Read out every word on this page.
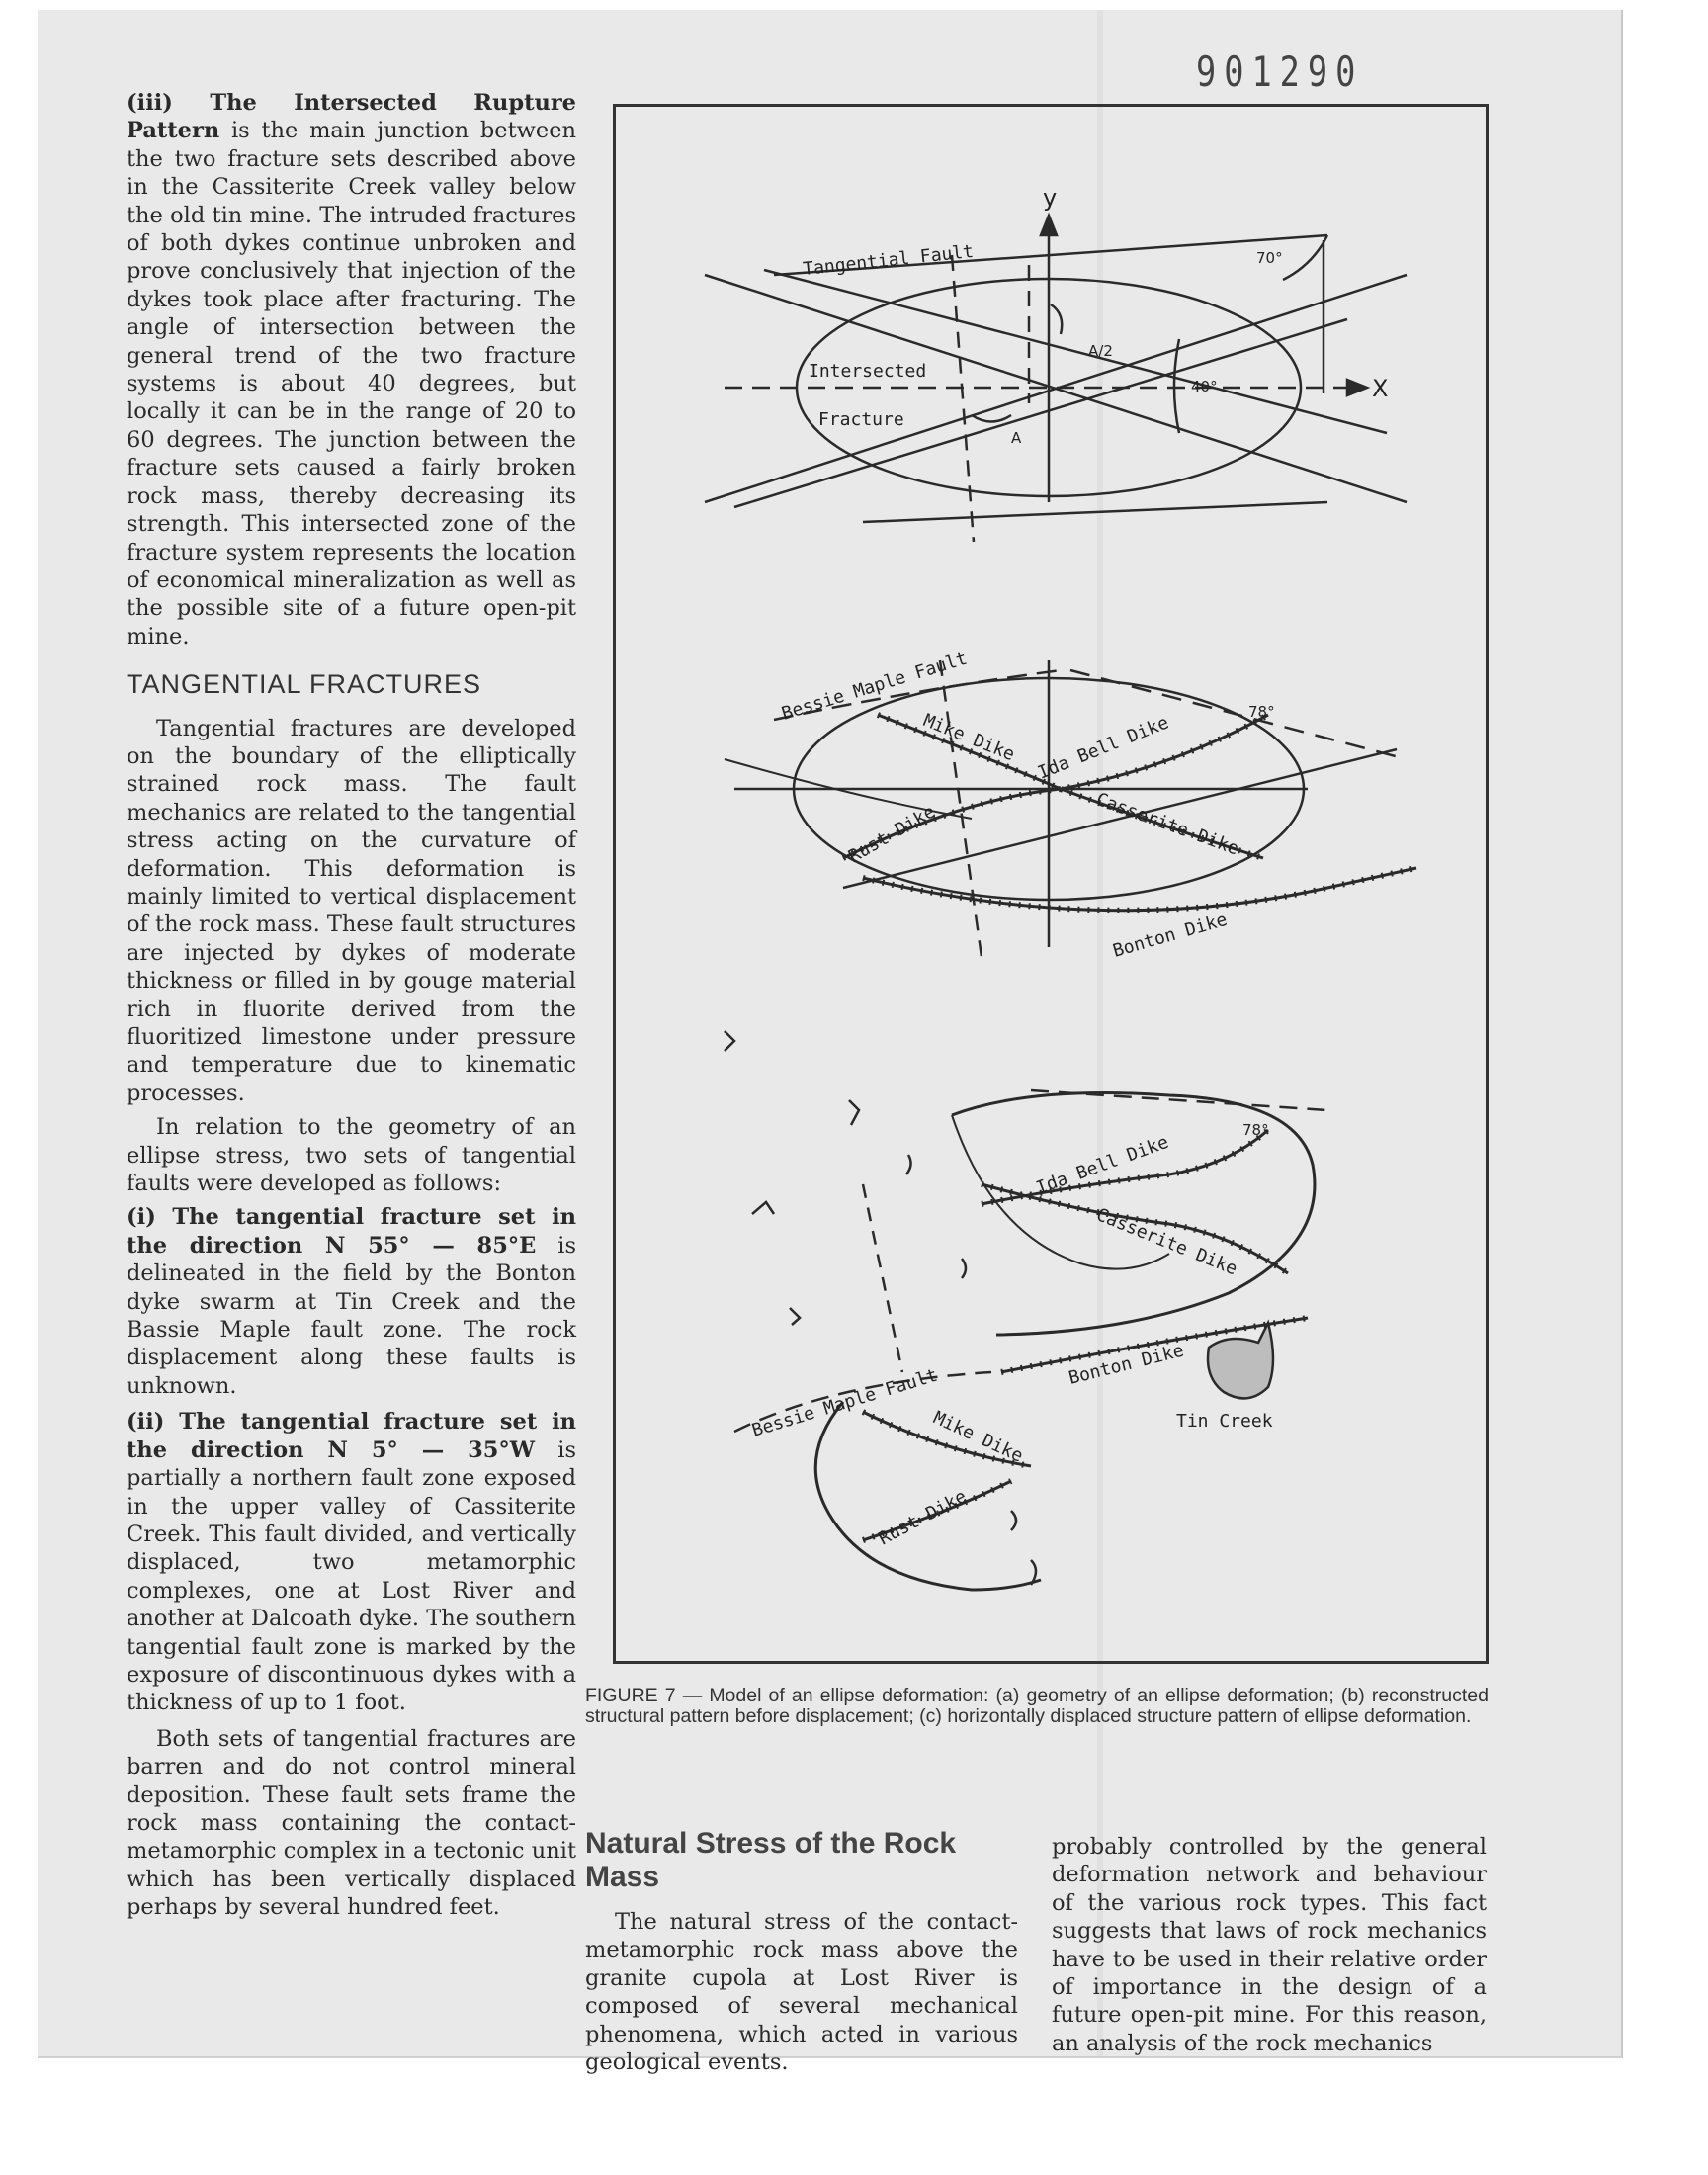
901290

(iii) The Intersected Rupture Pattern is the main junction between the two fracture sets described above in the Cassiterite Creek valley below the old tin mine. The intruded fractures of both dykes continue unbroken and prove conclusively that injection of the dykes took place after fracturing. The angle of intersection between the general trend of the two fracture systems is about 40 degrees, but locally it can be in the range of 20 to 60 degrees. The junction between the fracture sets caused a fairly broken rock mass, thereby decreasing its strength. This intersected zone of the fracture system represents the location of economical mineralization as well as the possible site of a future open-pit mine.

TANGENTIAL FRACTURES

Tangential fractures are developed on the boundary of the elliptically strained rock mass. The fault mechanics are related to the tangential stress acting on the curvature of deformation. This deformation is mainly limited to vertical displacement of the rock mass. These fault structures are injected by dykes of moderate thickness or filled in by gouge material rich in fluorite derived from the fluoritized limestone under pressure and temperature due to kinematic processes.

In relation to the geometry of an ellipse stress, two sets of tangential faults were developed as follows:

(i) The tangential fracture set in the direction N 55° — 85°E is delineated in the field by the Bonton dyke swarm at Tin Creek and the Bassie Maple fault zone. The rock displacement along these faults is unknown.

(ii) The tangential fracture set in the direction N 5° — 35°W is partially a northern fault zone exposed in the upper valley of Cassiterite Creek. This fault divided, and vertically displaced, two metamorphic complexes, one at Lost River and another at Dalcoath dyke. The southern tangential fault zone is marked by the exposure of discontinuous dykes with a thickness of up to 1 foot.

Both sets of tangential fractures are barren and do not control mineral deposition. These fault sets frame the rock mass containing the contact-metamorphic complex in a tectonic unit which has been vertically displaced perhaps by several hundred feet.

y
X
Tangential Fault
Intersected
Fracture
A/2
A
40°
70°
Bessie Maple Fault
Mike Dike Ida Bell Dike
Casserite Dike
Rust Dike
Bonton Dike
78°
Ida Bell Dike
Casserite Dike
Bonton Dike
Tin Creek
Bessie Maple Fault
Mike Dike
Rust Dike
78°
FIGURE 7 — Model of an ellipse deformation: (a) geometry of an ellipse deformation; (b) reconstructed structural pattern before displacement; (c) horizontally displaced structure pattern of ellipse deformation.
Natural Stress of the Rock Mass

The natural stress of the contact-metamorphic rock mass above the granite cupola at Lost River is composed of several mechanical phenomena, which acted in various geological events.

probably controlled by the general deformation network and behaviour of the various rock types. This fact suggests that laws of rock mechanics have to be used in their relative order of importance in the design of a future open-pit mine. For this reason, an analysis of the rock mechanics
